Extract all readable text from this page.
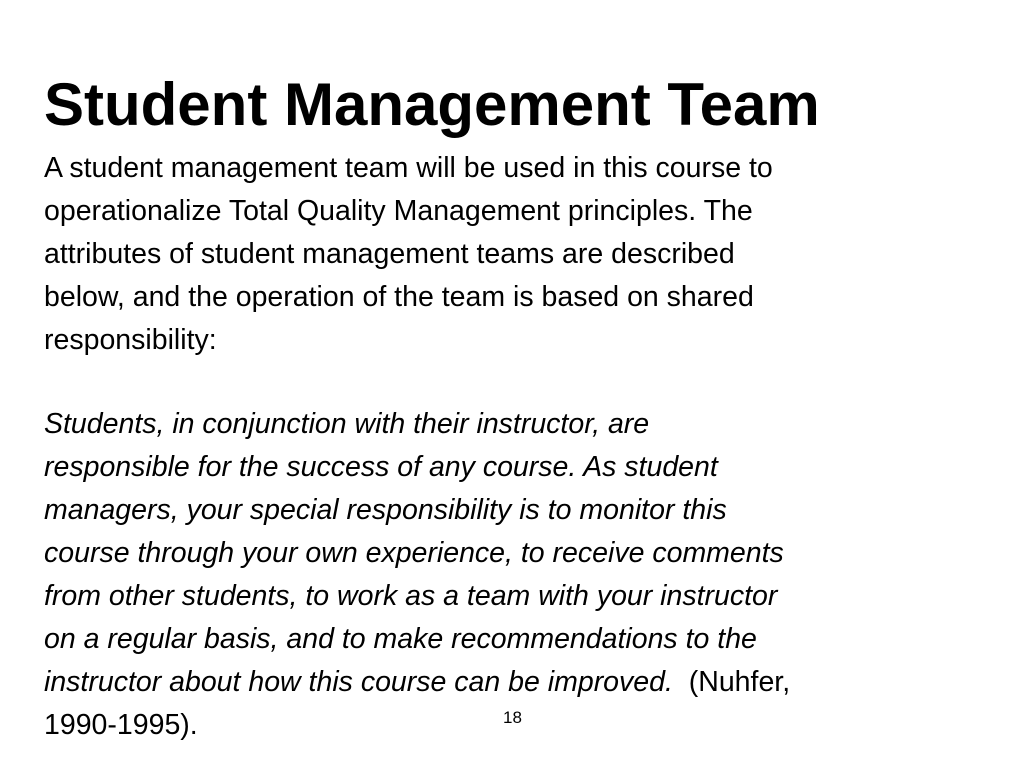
Student Management Team

A student management team will be used in this course to

operationalize Total Quality Management principles. The

attributes of student management teams are described

below, and the operation of the team is based on shared

responsibility:

Students, in conjunction with their instructor, are

responsible for the success of any course. As student

managers, your special responsibility is to monitor this

course through your own experience, to receive comments

from other students, to work as a team with your instructor

on a regular basis, and to make recommendations to the

instructor about how this course can be improved.  (Nuhfer,

1990-1995).	18
